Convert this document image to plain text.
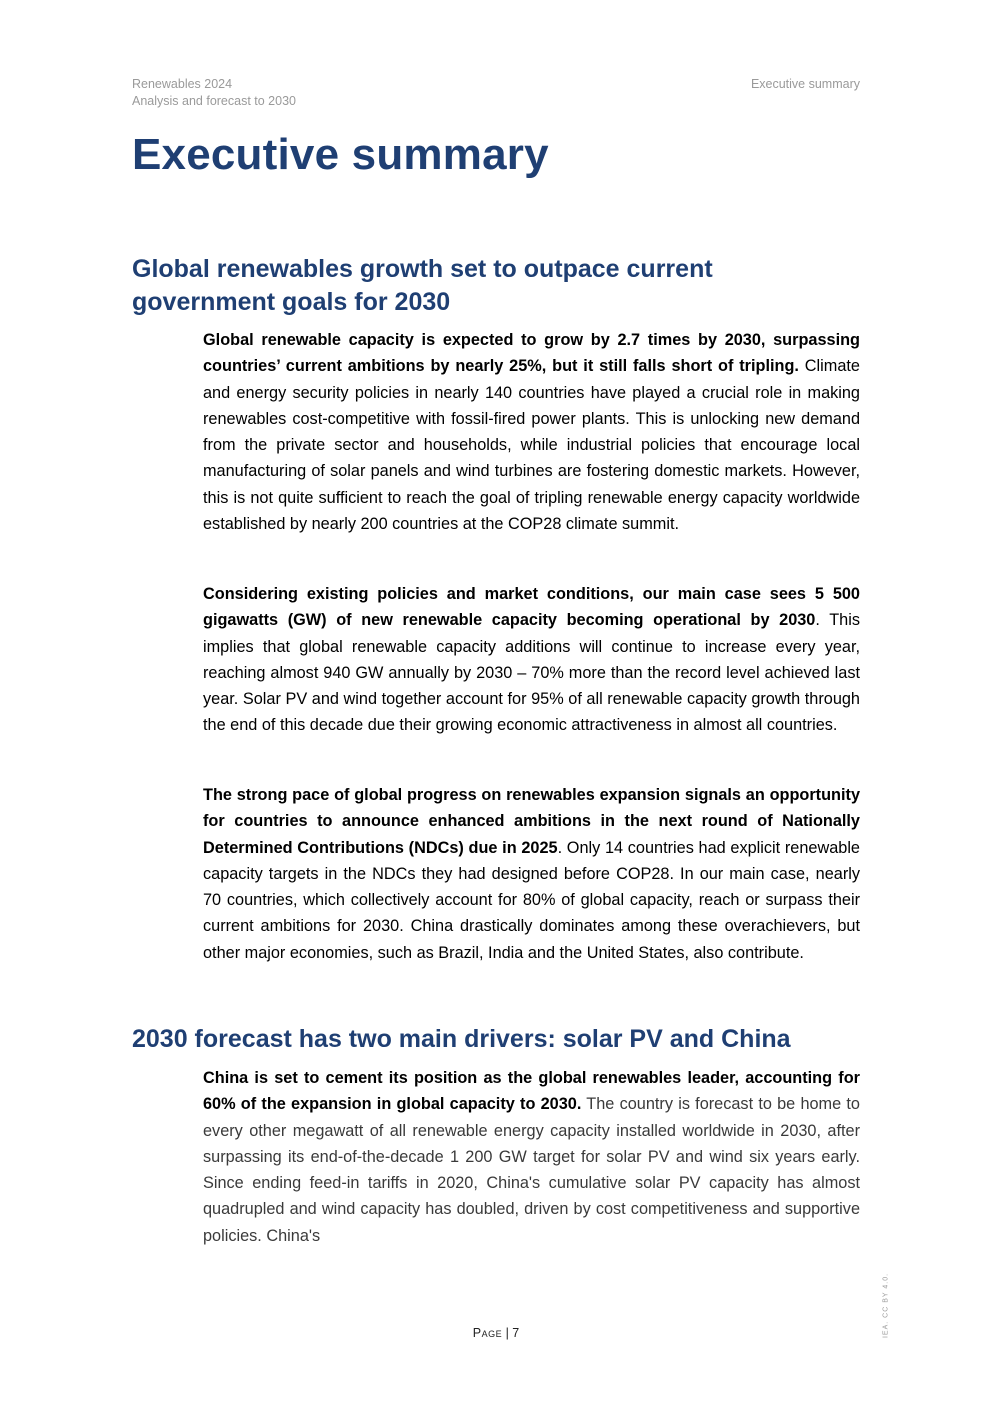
Renewables 2024
Analysis and forecast to 2030
Executive summary
Executive summary
Global renewables growth set to outpace current government goals for 2030

Global renewable capacity is expected to grow by 2.7 times by 2030, surpassing countries’ current ambitions by nearly 25%, but it still falls short of tripling. Climate and energy security policies in nearly 140 countries have played a crucial role in making renewables cost-competitive with fossil-fired power plants. This is unlocking new demand from the private sector and households, while industrial policies that encourage local manufacturing of solar panels and wind turbines are fostering domestic markets. However, this is not quite sufficient to reach the goal of tripling renewable energy capacity worldwide established by nearly 200 countries at the COP28 climate summit.

Considering existing policies and market conditions, our main case sees 5 500 gigawatts (GW) of new renewable capacity becoming operational by 2030. This implies that global renewable capacity additions will continue to increase every year, reaching almost 940 GW annually by 2030 – 70% more than the record level achieved last year. Solar PV and wind together account for 95% of all renewable capacity growth through the end of this decade due their growing economic attractiveness in almost all countries.

The strong pace of global progress on renewables expansion signals an opportunity for countries to announce enhanced ambitions in the next round of Nationally Determined Contributions (NDCs) due in 2025. Only 14 countries had explicit renewable capacity targets in the NDCs they had designed before COP28. In our main case, nearly 70 countries, which collectively account for 80% of global capacity, reach or surpass their current ambitions for 2030. China drastically dominates among these overachievers, but other major economies, such as Brazil, India and the United States, also contribute.

2030 forecast has two main drivers: solar PV and China

China is set to cement its position as the global renewables leader, accounting for 60% of the expansion in global capacity to 2030. The country is forecast to be home to every other megawatt of all renewable energy capacity installed worldwide in 2030, after surpassing its end-of-the-decade 1 200 GW target for solar PV and wind six years early. Since ending feed-in tariffs in 2020, China's cumulative solar PV capacity has almost quadrupled and wind capacity has doubled, driven by cost competitiveness and supportive policies. China's

IEA. CC BY 4.0.
Page | 7
